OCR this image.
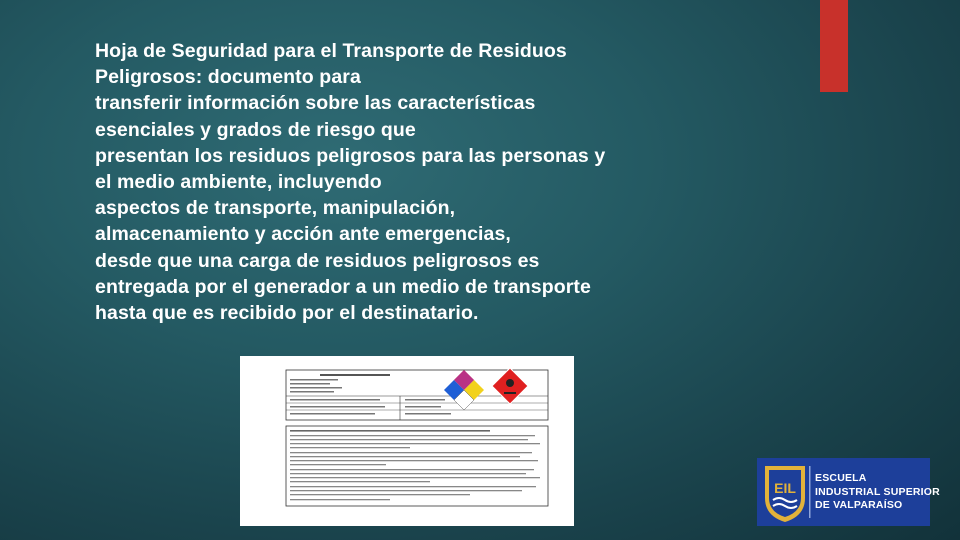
Hoja de Seguridad para el Transporte de Residuos
Peligrosos: documento para
transferir información sobre las características
esenciales y grados de riesgo que
presentan los residuos peligrosos para las personas y
el medio ambiente, incluyendo
aspectos de transporte, manipulación,
almacenamiento y acción ante emergencias,
desde que una carga de residuos peligrosos es
entregada por el generador a un medio de transporte
hasta que es recibido por el destinatario.

EIL
ESCUELA
INDUSTRIAL SUPERIOR
DE VALPARAÍSO
